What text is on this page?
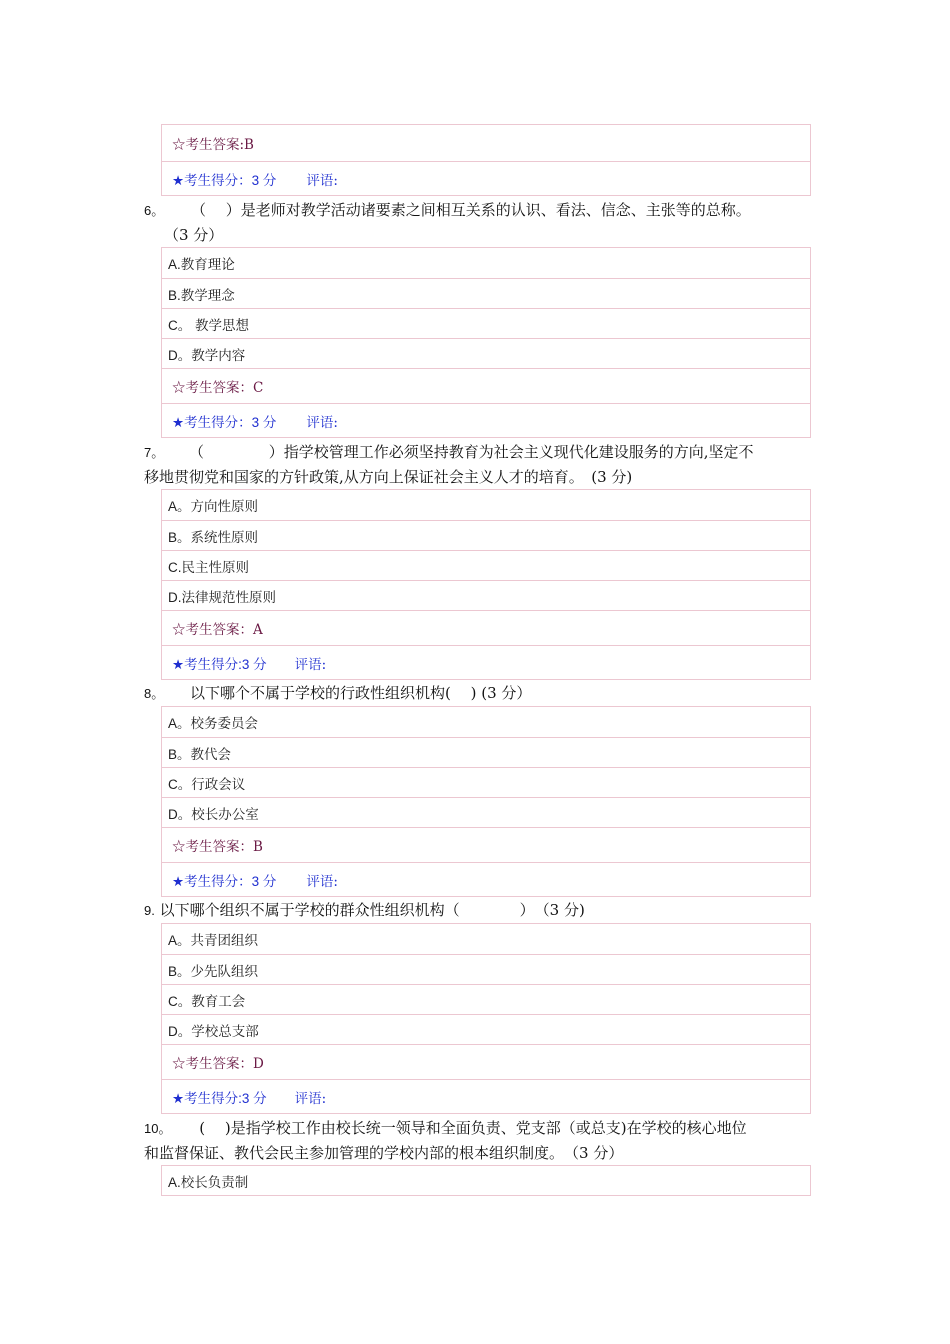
☆考生答案:B
★考生得分：3 分 评语:
6。 （　 ）是老师对教学活动诸要素之间相互关系的认识、看法、信念、主张等的总称。
（3 分）
A.教育理论
B.教学理念
C。 教学思想
D。教学内容
☆考生答案：C
★考生得分：3 分 评语:
7。 （　　　　 ）指学校管理工作必须坚持教育为社会主义现代化建设服务的方向,坚定不
移地贯彻党和国家的方针政策,从方向上保证社会主义人才的培育。　(3 分)
A。方向性原则
B。系统性原则
C.民主性原则
D.法律规范性原则
☆考生答案：A
★考生得分:3 分 评语:
8。 　以下哪个不属于学校的行政性组织机构(　 ) (3 分）
A。校务委员会
B。教代会
C。行政会议
D。校长办公室
☆考生答案：B
★考生得分：3 分 评语:
9. 以下哪个组织不属于学校的群众性组织机构（　　　　）　（3 分)
A。共青团组织
B。少先队组织
C。教育工会
D。学校总支部
☆考生答案：D
★考生得分:3 分 评语:
10。 　( 　)是指学校工作由校长统一领导和全面负责、党支部（或总支)在学校的核心地位
和监督保证、教代会民主参加管理的学校内部的根本组织制度。　（3 分）
A.校长负责制
